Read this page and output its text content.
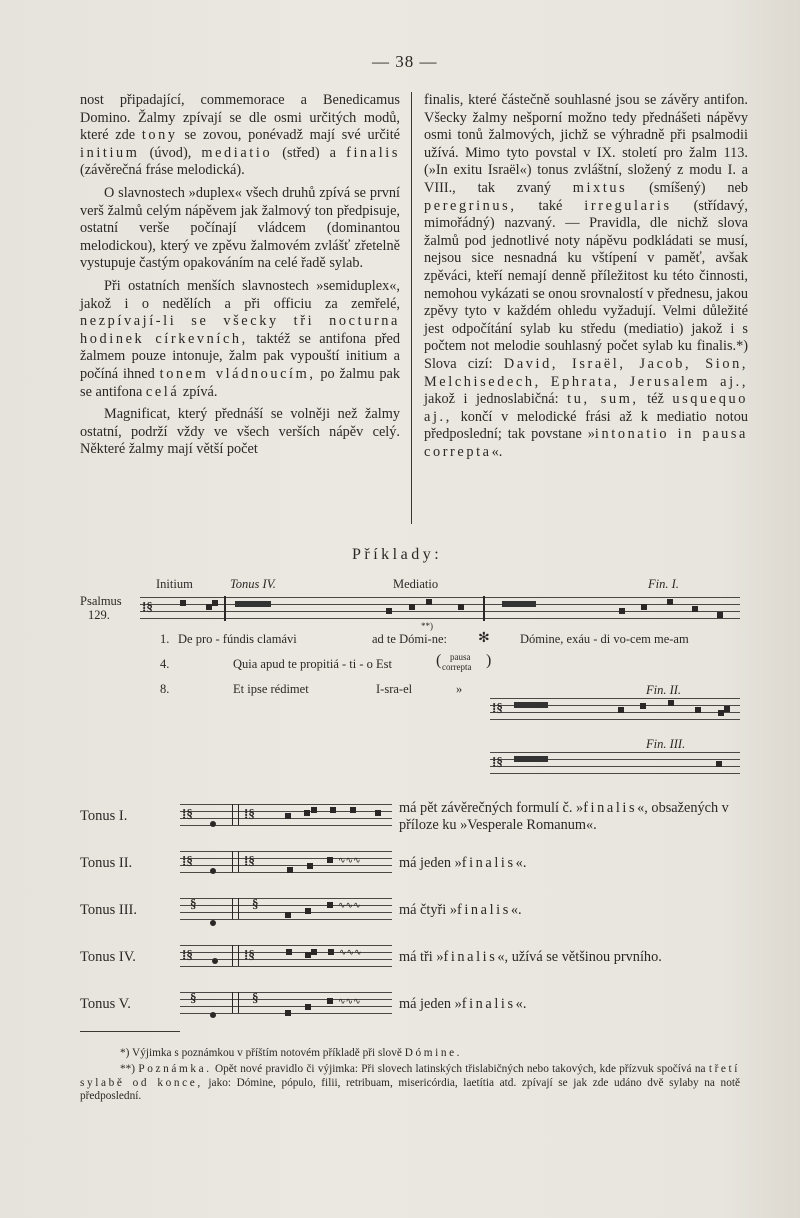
— 38 —

nost připadající, commemorace a Benedicamus Domino. Žalmy zpívají se dle osmi určitých modů, které zde tony se zovou, ponévadž mají své určité initium (úvod), mediatio (střed) a finalis (závěrečná fráse melodická).

O slavnostech »duplex« všech druhů zpívá se první verš žalmů celým nápěvem jak žalmový ton předpisuje, ostatní verše počínají vládcem (dominantou melodickou), který ve zpěvu žalmovém zvlášť zřetelně vystupuje častým opakováním na celé řadě sylab.

Při ostatních menších slavnostech »semiduplex«, jakož i o nedělích a při officiu za zemřelé, nezpívají-li se všecky tři nocturna hodinek církevních, taktéž se antifona před žalmem pouze intonuje, žalm pak vypouští initium a počíná ihned tonem vládnoucím, po žalmu pak se antifona celá zpívá.

Magnificat, který přednáší se volněji než žalmy ostatní, podrží vždy ve všech verších nápěv celý. Některé žalmy mají větší počet

finalis, které částečně souhlasné jsou se závěry antifon. Všecky žalmy nešporní možno tedy přednášeti nápěvy osmi tonů žalmových, jichž se výhradně při psalmodii užívá. Mimo tyto povstal v IX. století pro žalm 113. (»In exitu Israël«) tonus zvláštní, složený z modu I. a VIII., tak zvaný mixtus (smíšený) neb peregrinus, také irregularis (střídavý, mimořádný) nazvaný. — Pravidla, dle nichž slova žalmů pod jednotlivé noty nápěvu podkládati se musí, nejsou sice nesnadná ku vštípení v paměť, avšak zpěváci, kteří nemají denně příležitost ku této činnosti, nemohou vykázati se onou srovnalostí v přednesu, jakou zpěvy tyto v každém ohledu vyžadují. Velmi důležité jest odpočítání sylab ku středu (mediatio) jakož i s počtem not melodie souhlasný počet sylab ku finalis.*) Slova cizí: David, Israël, Jacob, Sion, Melchisedech, Ephrata, Jerusalem aj., jakož i jednoslabičná: tu, sum, též usquequo aj., končí v melodické frási až k mediatio notou předposlední; tak povstane »intonatio in pausa correpta«.

Příklady:
Initium	Tonus IV.	Mediatio	Fin. I.
Psalmus
129.
⁞§
**)
1. De pro - fúndis clamávi	ad te Dómi-ne: ✻ Dómine, exáu - di vo-cem me-am
4.	Quia apud te propitiá - ti - o Est	( pausa
correpta )
8.	Et ipse rédimet	I-sra-el	»	Fin. II.
⁞§
Fin. III.
⁞§
Tonus I.	⁞§	⁞§	má pět závěrečných formulí č. »finalis«, obsažených v příloze ku »Vesperale Romanum«.
Tonus II.	⁞§	⁞§	∿∿∿	má jeden »finalis«.
Tonus III.	§	§	∿∿∿	má čtyři »finalis«.
Tonus IV.	⁞§	⁞§	∿∿∿	má tři »finalis«, užívá se většinou prvního.
Tonus V.	§	§	∿∿∿	má jeden »finalis«.
*) Výjimka s poznámkou v příštím notovém příkladě při slově Dómine.
**) Poznámka. Opět nové pravidlo či výjimka: Při slovech latinských třislabičných nebo takových, kde přízvuk spočívá na třetí sylabě od konce, jako: Dómine, pópulo, filii, retribuam, misericórdia, laetítia atd. zpívají se jak zde udáno dvě sylaby na notě předposlední.
